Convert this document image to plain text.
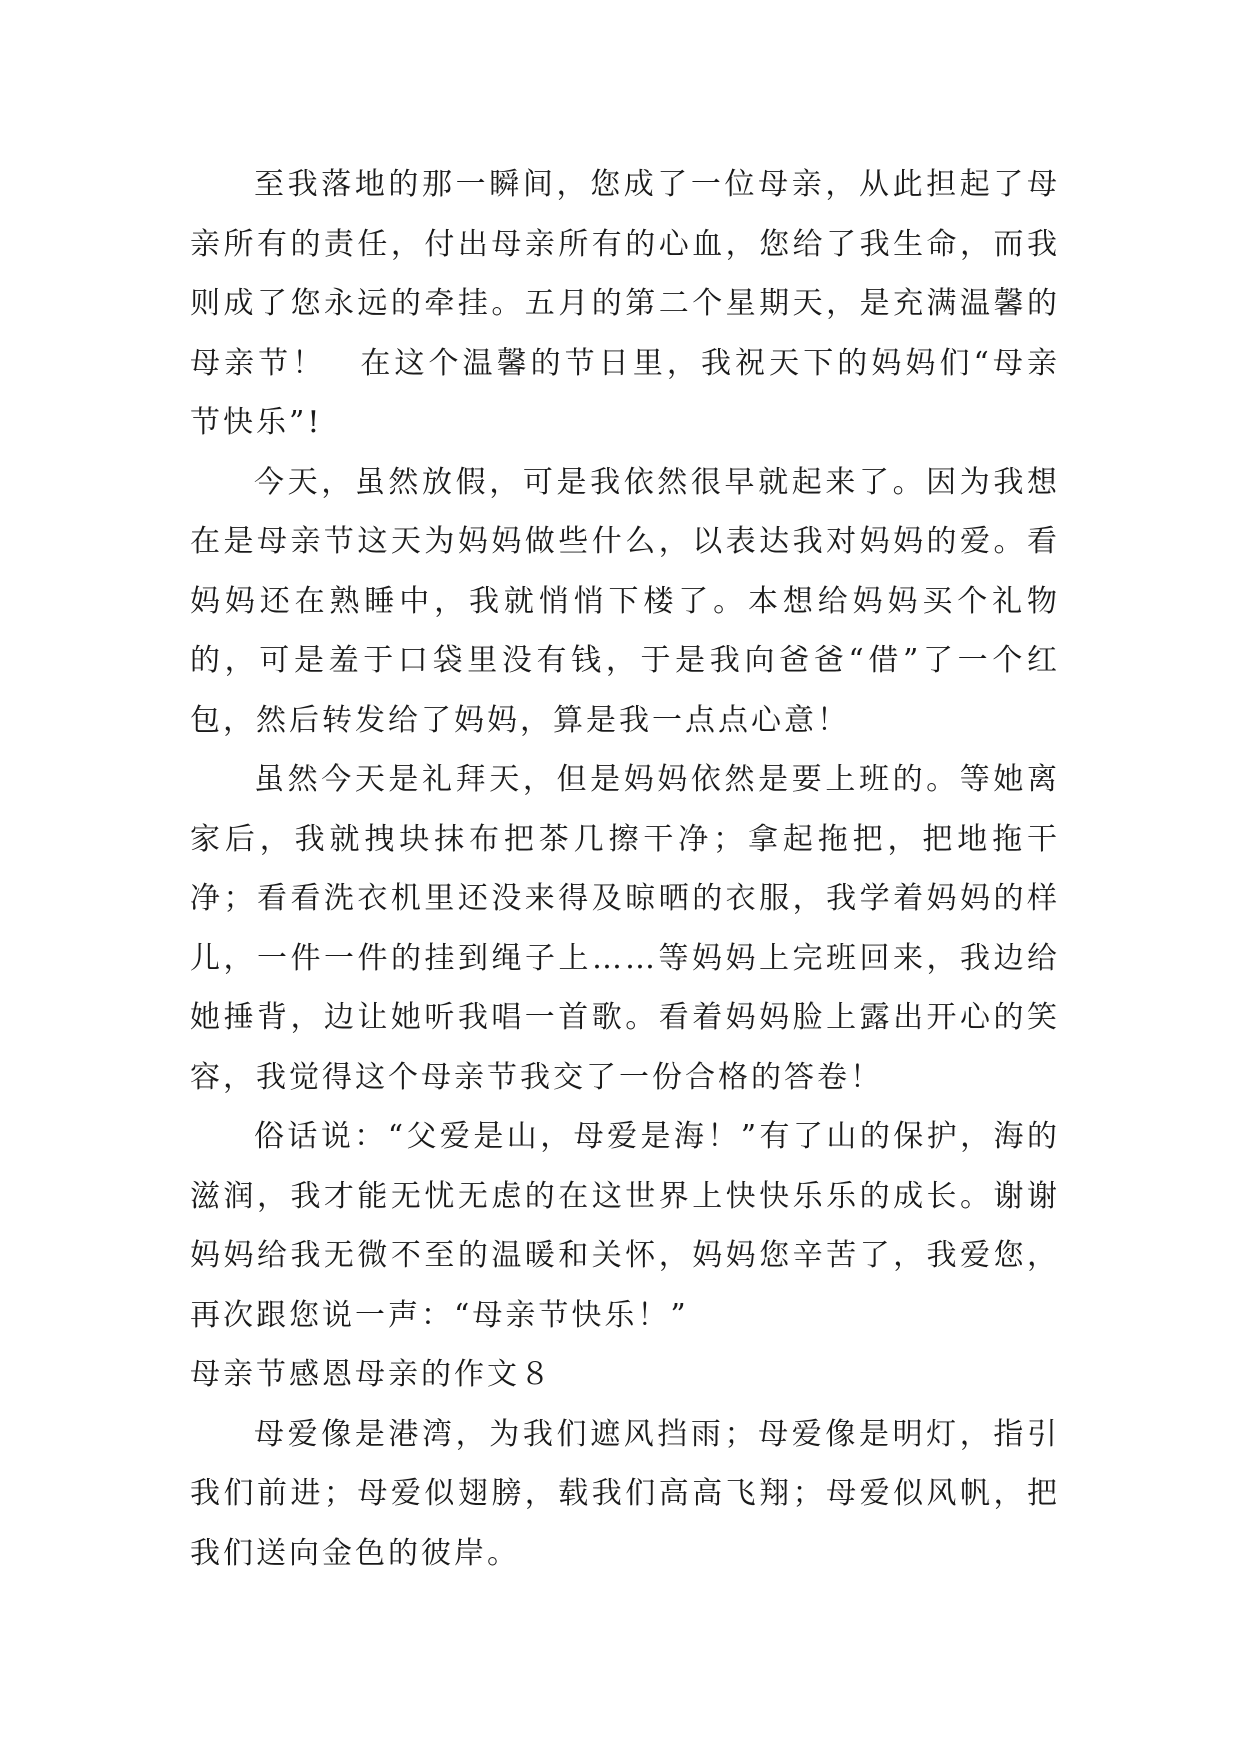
至我落地的那一瞬间，您成了一位母亲，从此担起了母亲所有的责任，付出母亲所有的心血，您给了我生命，而我则成了您永远的牵挂。五月的第二个星期天，是充满温馨的母亲节！　在这个温馨的节日里，我祝天下的妈妈们“母亲节快乐”!

今天，虽然放假，可是我依然很早就起来了。因为我想在是母亲节这天为妈妈做些什么，以表达我对妈妈的爱。看妈妈还在熟睡中，我就悄悄下楼了。本想给妈妈买个礼物的，可是羞于口袋里没有钱，于是我向爸爸“借”了一个红包，然后转发给了妈妈，算是我一点点心意！

虽然今天是礼拜天，但是妈妈依然是要上班的。等她离家后，我就拽块抹布把茶几擦干净；拿起拖把，把地拖干净；看看洗衣机里还没来得及晾晒的衣服，我学着妈妈的样儿，一件一件的挂到绳子上……等妈妈上完班回来，我边给她捶背，边让她听我唱一首歌。看着妈妈脸上露出开心的笑容，我觉得这个母亲节我交了一份合格的答卷！

俗话说：“父爱是山，母爱是海！”有了山的保护，海的滋润，我才能无忧无虑的在这世界上快快乐乐的成长。谢谢妈妈给我无微不至的温暖和关怀，妈妈您辛苦了，我爱您，再次跟您说一声：“母亲节快乐！”

母亲节感恩母亲的作文８

母爱像是港湾，为我们遮风挡雨；母爱像是明灯，指引我们前进；母爱似翅膀，载我们高高飞翔；母爱似风帆，把我们送向金色的彼岸。
